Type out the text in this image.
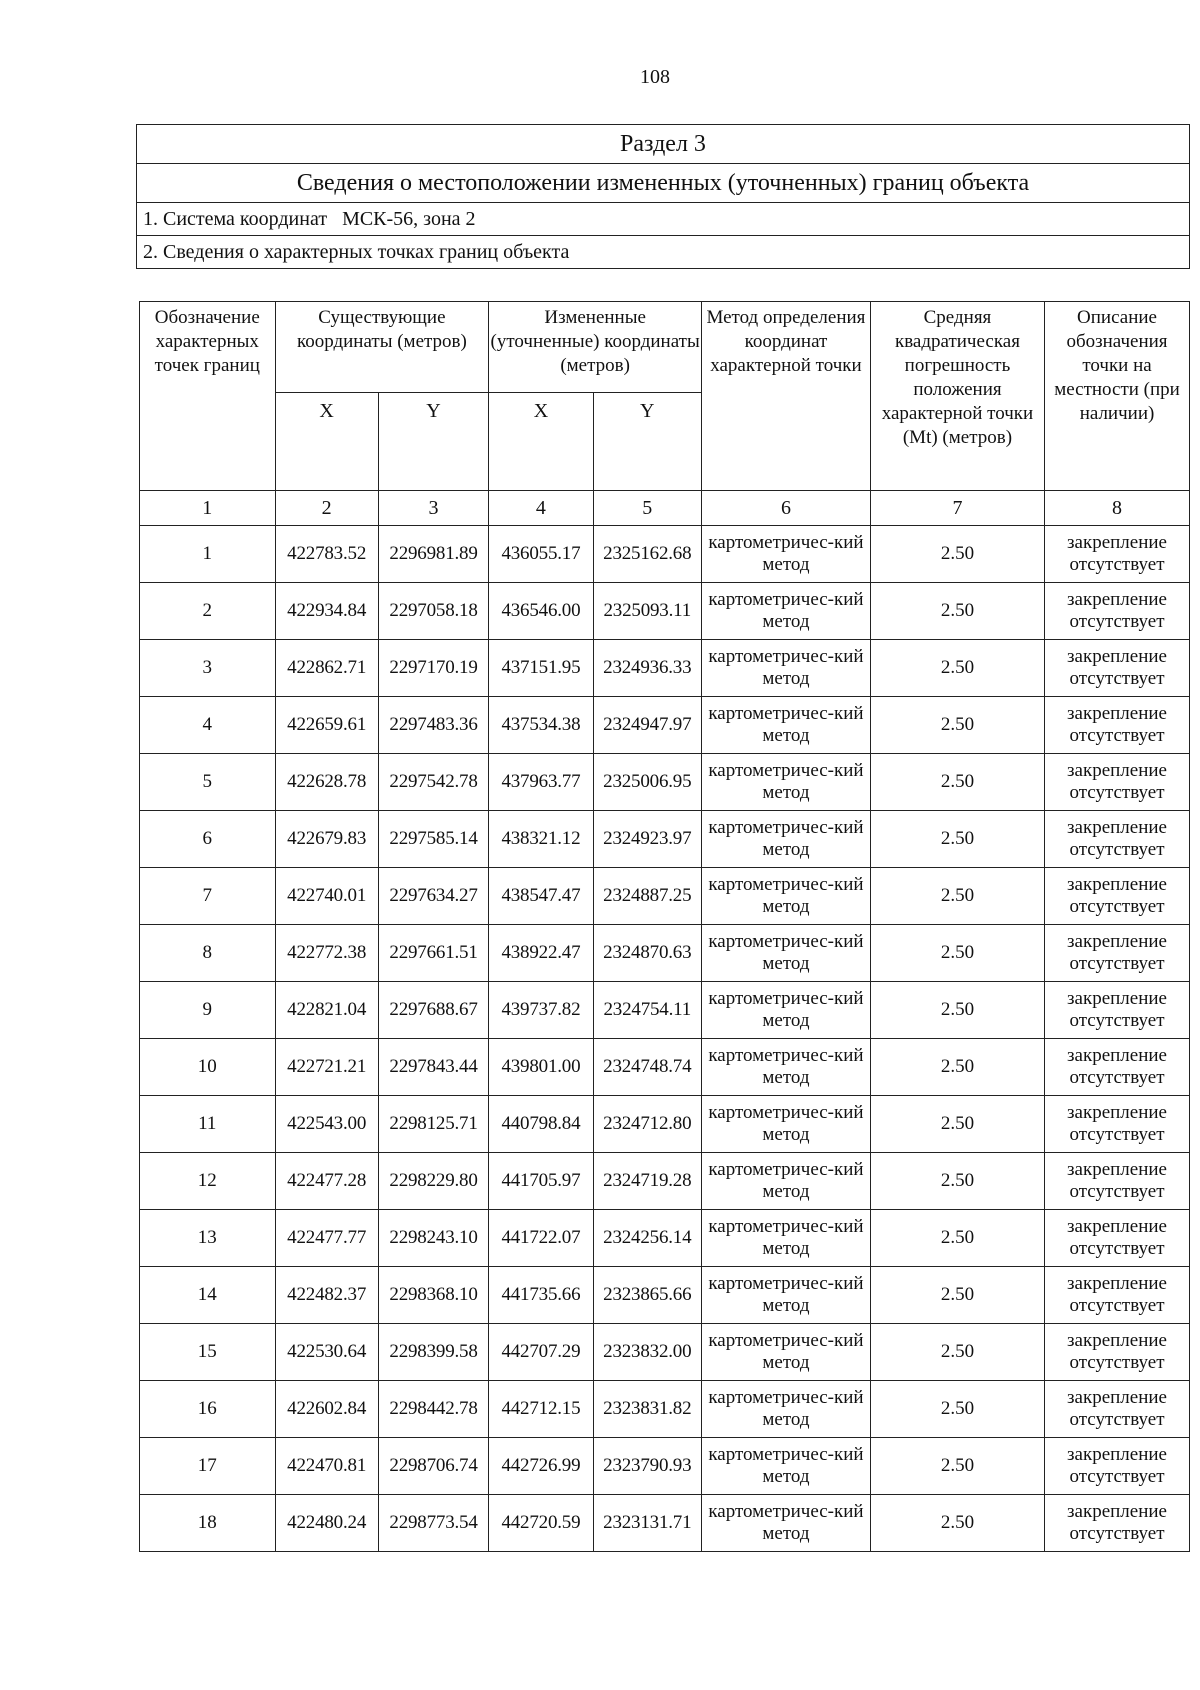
108
Раздел 3
Сведения о местоположении измененных (уточненных) границ объекта
1. Система координат МСК-56, зона 2
2. Сведения о характерных точках границ объекта
Обозначение характерных точек границ	Существующие координаты (метров)		Измененные (уточненные) координаты (метров)		Метод определения координат характерной точки	Средняя квадратическая погрешность положения характерной точки (Mt) (метров)	Описание обозначения точки на местности (при наличии)
	X	Y	X	Y			
1	2	3	4	5	6	7	8
1	422783.52	2296981.89	436055.17	2325162.68	картометричес-кий метод	2.50	закрепление отсутствует
2	422934.84	2297058.18	436546.00	2325093.11	картометричес-кий метод	2.50	закрепление отсутствует
3	422862.71	2297170.19	437151.95	2324936.33	картометричес-кий метод	2.50	закрепление отсутствует
4	422659.61	2297483.36	437534.38	2324947.97	картометричес-кий метод	2.50	закрепление отсутствует
5	422628.78	2297542.78	437963.77	2325006.95	картометричес-кий метод	2.50	закрепление отсутствует
6	422679.83	2297585.14	438321.12	2324923.97	картометричес-кий метод	2.50	закрепление отсутствует
7	422740.01	2297634.27	438547.47	2324887.25	картометричес-кий метод	2.50	закрепление отсутствует
8	422772.38	2297661.51	438922.47	2324870.63	картометричес-кий метод	2.50	закрепление отсутствует
9	422821.04	2297688.67	439737.82	2324754.11	картометричес-кий метод	2.50	закрепление отсутствует
10	422721.21	2297843.44	439801.00	2324748.74	картометричес-кий метод	2.50	закрепление отсутствует
11	422543.00	2298125.71	440798.84	2324712.80	картометричес-кий метод	2.50	закрепление отсутствует
12	422477.28	2298229.80	441705.97	2324719.28	картометричес-кий метод	2.50	закрепление отсутствует
13	422477.77	2298243.10	441722.07	2324256.14	картометричес-кий метод	2.50	закрепление отсутствует
14	422482.37	2298368.10	441735.66	2323865.66	картометричес-кий метод	2.50	закрепление отсутствует
15	422530.64	2298399.58	442707.29	2323832.00	картометричес-кий метод	2.50	закрепление отсутствует
16	422602.84	2298442.78	442712.15	2323831.82	картометричес-кий метод	2.50	закрепление отсутствует
17	422470.81	2298706.74	442726.99	2323790.93	картометричес-кий метод	2.50	закрепление отсутствует
18	422480.24	2298773.54	442720.59	2323131.71	картометричес-кий метод	2.50	закрепление отсутствует
